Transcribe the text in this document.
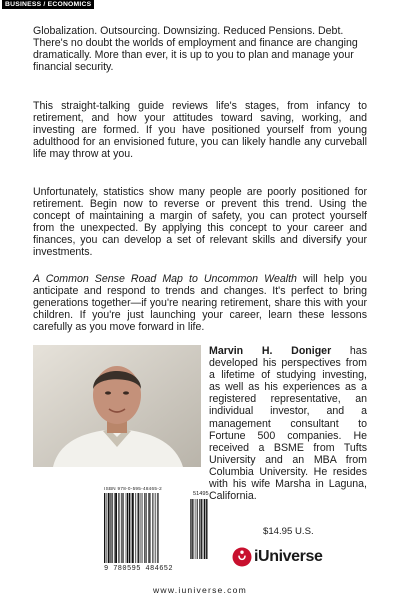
BUSINESS / ECONOMICS

Globalization. Outsourcing. Downsizing. Reduced Pensions. Debt. There's no doubt the worlds of employment and finance are changing dramatically. More than ever, it is up to you to plan and manage your financial security.

This straight-talking guide reviews life's stages, from infancy to retirement, and how your attitudes toward saving, working, and investing are formed. If you have positioned yourself from young adulthood for an envisioned future, you can likely handle any curveball life may throw at you.

Unfortunately, statistics show many people are poorly positioned for retirement. Begin now to reverse or prevent this trend. Using the concept of maintaining a margin of safety, you can protect yourself from the unexpected. By applying this concept to your career and finances, you can develop a set of relevant skills and diversify your investments.

A Common Sense Road Map to Uncommon Wealth will help you anticipate and respond to trends and changes. It's perfect to bring generations together—if you're nearing retirement, share this with your children. If you're just launching your career, learn these lessons carefully as you move forward in life.

Marvin H. Doniger has developed his perspectives from a lifetime of studying investing, as well as his experiences as a registered representative, an individual investor, and a management consultant to Fortune 500 companies. He received a BSME from Tufts University and an MBA from Columbia University. He resides with his wife Marsha in Laguna, California.

ISBN 978-0-595-48465-2

51495

9 780595 484652

$14.95 U.S.

iUniverse

www.iuniverse.com
